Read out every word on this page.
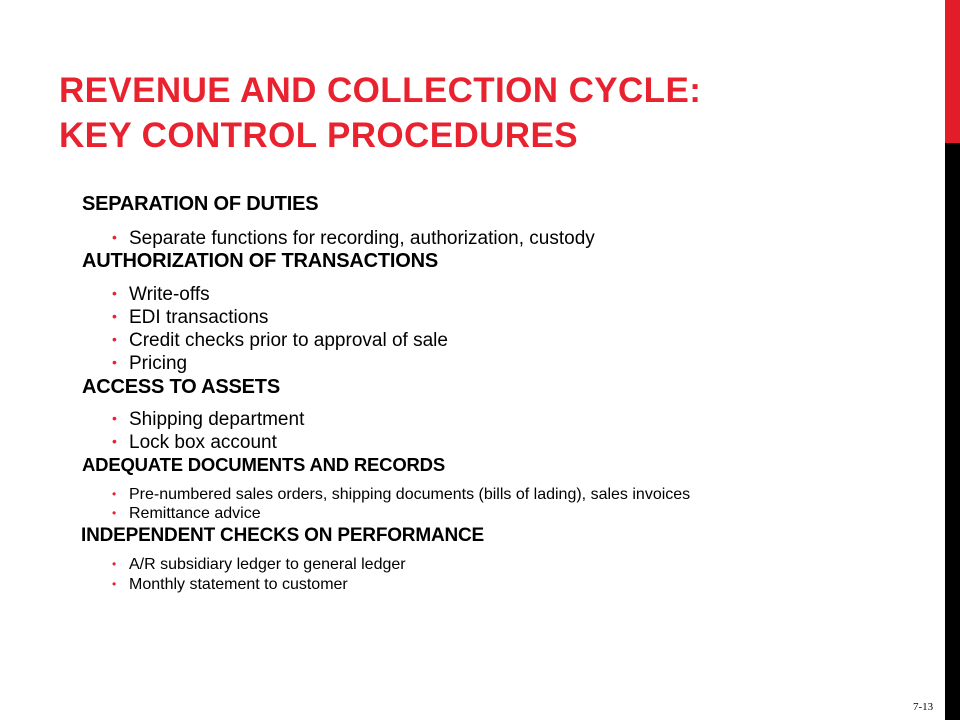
REVENUE AND COLLECTION CYCLE:
KEY CONTROL PROCEDURES
SEPARATION OF DUTIES
• Separate functions for recording, authorization, custody
AUTHORIZATION OF TRANSACTIONS
• Write-offs
• EDI transactions
• Credit checks prior to approval of sale
• Pricing
ACCESS TO ASSETS
• Shipping department
• Lock box account
ADEQUATE DOCUMENTS AND RECORDS
• Pre-numbered sales orders, shipping documents (bills of lading), sales invoices
• Remittance advice
INDEPENDENT CHECKS ON PERFORMANCE
• A/R subsidiary ledger to general ledger
• Monthly statement to customer
7-13
